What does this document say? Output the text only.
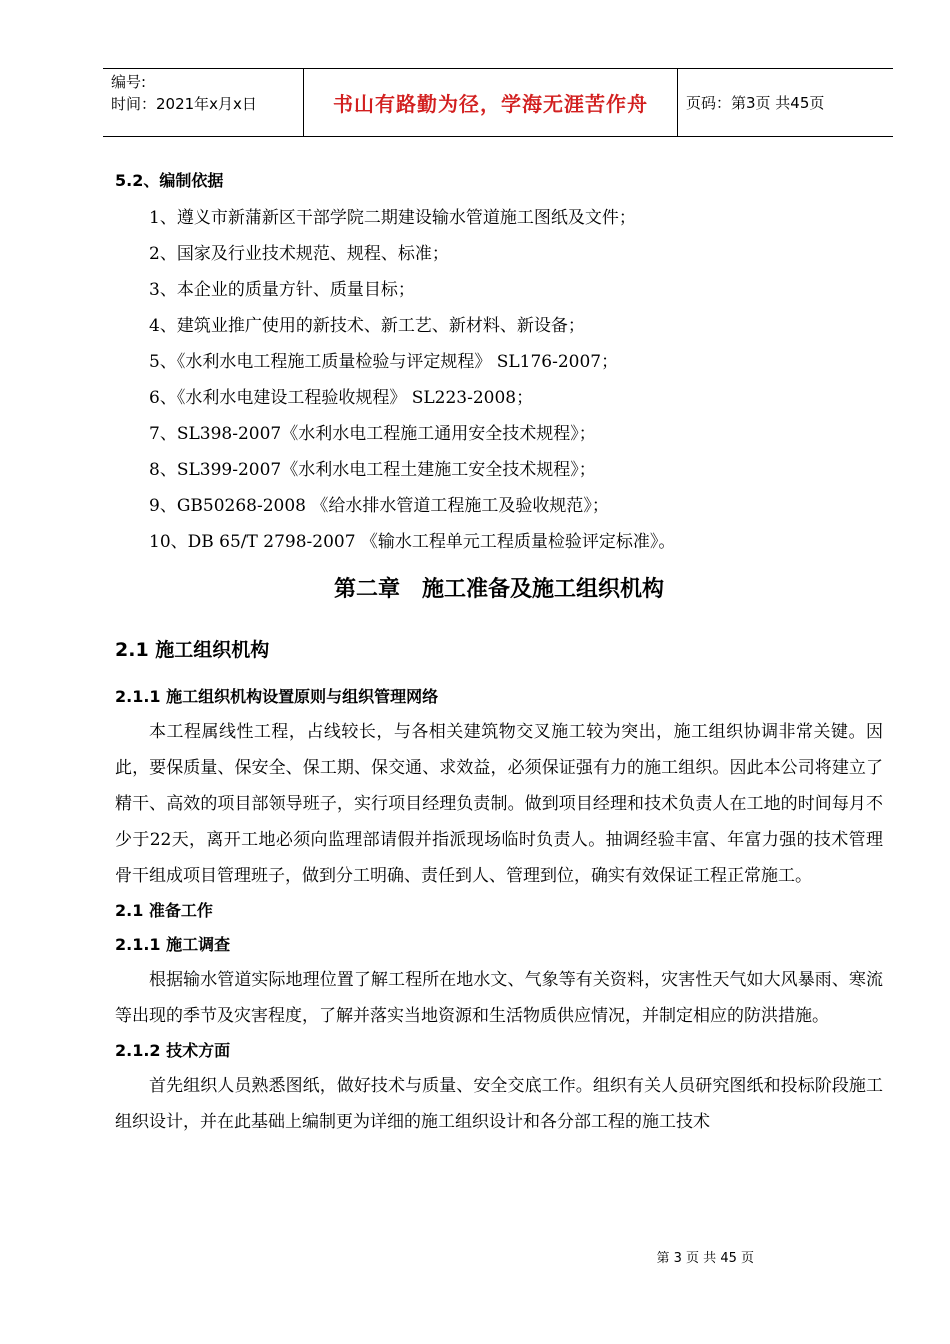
编号:
时间：2021年x月x日	书山有路勤为径，学海无涯苦作舟	页码：第3页 共45页
5.2、编制依据

1、遵义市新蒲新区干部学院二期建设输水管道施工图纸及文件；

2、国家及行业技术规范、规程、标准；

3、本企业的质量方针、质量目标；

4、建筑业推广使用的新技术、新工艺、新材料、新设备；

5、《水利水电工程施工质量检验与评定规程》 SL176-2007；

6、《水利水电建设工程验收规程》 SL223-2008；

7、SL398-2007《水利水电工程施工通用安全技术规程》；

8、SL399-2007《水利水电工程土建施工安全技术规程》；

9、GB50268-2008 《给水排水管道工程施工及验收规范》；

10、DB 65/T 2798-2007 《输水工程单元工程质量检验评定标准》。

第二章　施工准备及施工组织机构
2.1 施工组织机构
2.1.1 施工组织机构设置原则与组织管理网络

本工程属线性工程，占线较长，与各相关建筑物交叉施工较为突出，施工组织协调非常关键。因此，要保质量、保安全、保工期、保交通、求效益，必须保证强有力的施工组织。因此本公司将建立了精干、高效的项目部领导班子，实行项目经理负责制。做到项目经理和技术负责人在工地的时间每月不少于22天，离开工地必须向监理部请假并指派现场临时负责人。抽调经验丰富、年富力强的技术管理骨干组成项目管理班子，做到分工明确、责任到人、管理到位，确实有效保证工程正常施工。

2.1 准备工作
2.1.1 施工调查

根据输水管道实际地理位置了解工程所在地水文、气象等有关资料，灾害性天气如大风暴雨、寒流等出现的季节及灾害程度，了解并落实当地资源和生活物质供应情况，并制定相应的防洪措施。

2.1.2 技术方面

首先组织人员熟悉图纸，做好技术与质量、安全交底工作。组织有关人员研究图纸和投标阶段施工组织设计，并在此基础上编制更为详细的施工组织设计和各分部工程的施工技术

第 3 页 共 45 页
